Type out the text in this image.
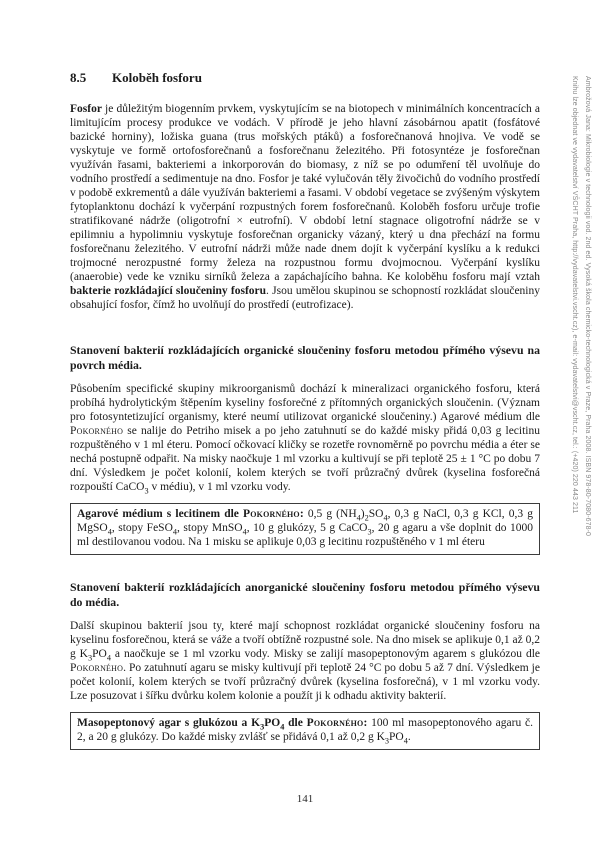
8.5	Koloběh fosforu

Fosfor je důležitým biogenním prvkem, vyskytujícím se na biotopech v minimálních koncentracích a limitujícím procesy produkce ve vodách. V přírodě je jeho hlavní zásobárnou apatit (fosfátové bazické horniny), ložiska guana (trus mořských ptáků) a fosforečnanová hnojiva. Ve vodě se vyskytuje ve formě ortofosforečnanů a fosforečnanu železitého. Při fotosyntéze je fosforečnan využíván řasami, bakteriemi a inkorporován do biomasy, z níž se po odumření těl uvolňuje do vodního prostředí a sedimentuje na dno. Fosfor je také vylučován těly živočichů do vodního prostředí v podobě exkrementů a dále využíván bakteriemi a řasami. V období vegetace se zvýšeným výskytem fytoplanktonu dochází k vyčerpání rozpustných forem fosforečnanů. Koloběh fosforu určuje trofie stratifikované nádrže (oligotrofní × eutrofní). V období letní stagnace oligotrofní nádrže se v epilimniu a hypolimniu vyskytuje fosforečnan organicky vázaný, který u dna přechází na formu fosforečnanu železitého. V eutrofní nádrži může nade dnem dojít k vyčerpání kyslíku a k redukci trojmocné nerozpustné formy železa na rozpustnou formu dvojmocnou. Vyčerpání kyslíku (anaerobie) vede ke vzniku sirníků železa a zapáchajícího bahna. Ke koloběhu fosforu mají vztah bakterie rozkládající sloučeniny fosforu. Jsou umělou skupinou se schopností rozkládat sloučeniny obsahující fosfor, čímž ho uvolňují do prostředí (eutrofizace).

Stanovení bakterií rozkládajících organické sloučeniny fosforu metodou přímého výsevu na povrch média.

Působením specifické skupiny mikroorganismů dochází k mineralizaci organického fosforu, která probíhá hydrolytickým štěpením kyseliny fosforečné z přítomných organických sloučenin. (Význam pro fotosyntetizující organismy, které neumí utilizovat organické sloučeniny.) Agarové médium dle Pokorného se nalije do Petriho misek a po jeho zatuhnutí se do každé misky přidá 0,03 g lecitinu rozpuštěného v 1 ml éteru. Pomocí očkovací kličky se rozetře rovnoměrně po povrchu média a éter se nechá postupně odpařit. Na misky naočkuje 1 ml vzorku a kultivují se při teplotě 25 ± 1 °C po dobu 7 dní. Výsledkem je počet kolonií, kolem kterých se tvoří průzračný dvůrek (kyselina fosforečná rozpouští CaCO$_3$ v médiu), v 1 ml vzorku vody.

Agarové médium s lecitinem dle Pokorného: 0,5 g $(NH_4)_2SO_4$, 0,3 g NaCl, 0,3 g KCl, 0,3 g MgSO$_4$, stopy FeSO$_4$, stopy MnSO$_4$, 10 g glukózy, 5 g CaCO$_3$, 20 g agaru a vše doplnit do 1000 ml destilovanou vodou. Na 1 misku se aplikuje 0,03 g lecitinu rozpuštěného v 1 ml éteru

Stanovení bakterií rozkládajících anorganické sloučeniny fosforu metodou přímého výsevu do média.

Další skupinou bakterií jsou ty, které mají schopnost rozkládat organické sloučeniny fosforu na kyselinu fosforečnou, která se váže a tvoří obtížně rozpustné sole. Na dno misek se aplikuje 0,1 až 0,2 g $K_3PO_4$ a naočkuje se 1 ml vzorku vody. Misky se zalijí masopeptonovým agarem s glukózou dle Pokorného. Po zatuhnutí agaru se misky kultivují při teplotě 24 °C po dobu 5 až 7 dní. Výsledkem je počet kolonií, kolem kterých se tvoří průzračný dvůrek (kyselina fosforečná), v 1 ml vzorku vody. Lze posuzovat i šířku dvůrku kolem kolonie a použít ji k odhadu aktivity bakterií.

Masopeptonový agar s glukózou a $K_3PO_4$ dle Pokorného: 100 ml masopeptonového agaru č. 2, a 20 g glukózy. Do každé misky zvlášť se přidává 0,1 až 0,2 g $K_3PO_4$.

141
Ambrožová Jana: Mikrobiologie v technologii vod. 2nd ed. Vysoká škola chemicko-technologická v Praze, Praha 2008. ISBN 978-80-7080-678-0
Knihu lze objednat ve vydavatelství VŠCHT Praha, http://vydavatelstvi.vscht.cz), e-mail: vydavatelstvi@vscht.cz, tel.: (+420) 220 443 211
